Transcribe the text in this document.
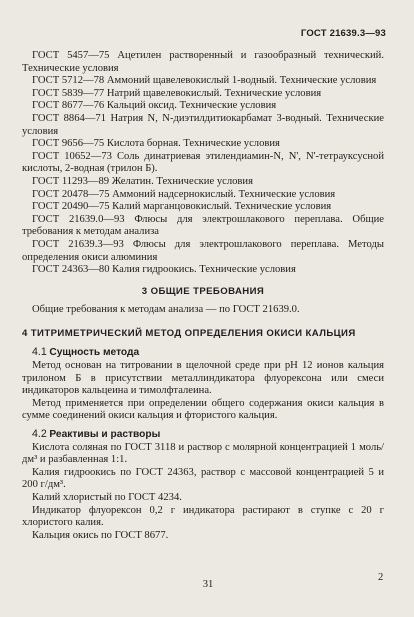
ГОСТ 21639.3—93

ГОСТ 5457—75 Ацетилен растворенный и газообразный технический. Технические условия

ГОСТ 5712—78 Аммоний щавелевокислый 1-водный. Технические условия

ГОСТ 5839—77 Натрий щавелевокислый. Технические условия

ГОСТ 8677—76 Кальций оксид. Технические условия

ГОСТ 8864—71 Натрия N, N-диэтилдитиокарбамат 3-водный. Технические условия

ГОСТ 9656—75 Кислота борная. Технические условия

ГОСТ 10652—73 Соль динатриевая этилендиамин-N, N', N'-тетрауксусной кислоты, 2-водная (трилон Б).

ГОСТ 11293—89 Желатин. Технические условия

ГОСТ 20478—75 Аммоний надсернокислый. Технические условия

ГОСТ 20490—75 Калий марганцовокислый. Технические условия

ГОСТ 21639.0—93 Флюсы для электрошлакового переплава. Общие требования к методам анализа

ГОСТ 21639.3—93 Флюсы для электрошлакового переплава. Методы определения окиси алюминия

ГОСТ 24363—80 Калия гидроокись. Технические условия

3 ОБЩИЕ ТРЕБОВАНИЯ

Общие требования к методам анализа — по ГОСТ 21639.0.

4 ТИТРИМЕТРИЧЕСКИЙ МЕТОД ОПРЕДЕЛЕНИЯ ОКИСИ КАЛЬЦИЯ

4.1 Сущность метода

Метод основан на титровании в щелочной среде при pH 12 ионов кальция трилоном Б в присутствии металлиндикатора флуорексона или смеси индикаторов кальцеина и тимолфталеина.

Метод применяется при определении общего содержания окиси кальция в сумме соединений окиси кальция и фтористого кальция.

4.2 Реактивы и растворы

Кислота соляная по ГОСТ 3118 и раствор с молярной концентрацией 1 моль/дм³ и разбавленная 1:1.

Калия гидроокись по ГОСТ 24363, раствор с массовой концентрацией 5 и 200 г/дм³.

Калий хлористый по ГОСТ 4234.

Индикатор флуорексон 0,2 г индикатора растирают в ступке с 20 г хлористого калия.

Кальция окись по ГОСТ 8677.

31
2
